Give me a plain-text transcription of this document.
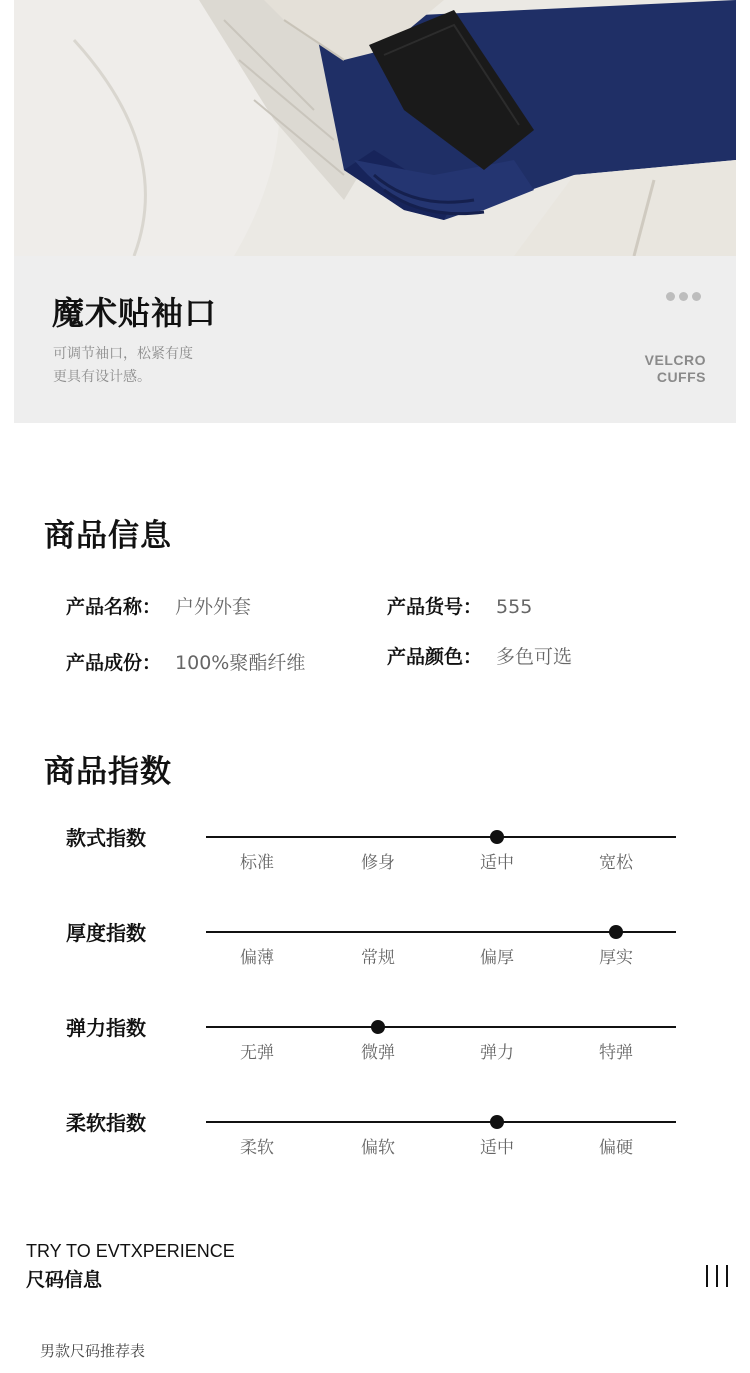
魔术贴袖口
可调节袖口，松紧有度
更具有设计感。
VELCRO
CUFFS
商品信息
产品名称： 户外外套	产品货号： 555
产品成份： 100%聚酯纤维	产品颜色： 多色可选
商品指数
款式指数
标准	修身	适中	宽松
厚度指数
偏薄	常规	偏厚	厚实
弹力指数
无弹	微弹	弹力	特弹
柔软指数
柔软	偏软	适中	偏硬
TRY TO EVTXPERIENCE
尺码信息
男款尺码推荐表
